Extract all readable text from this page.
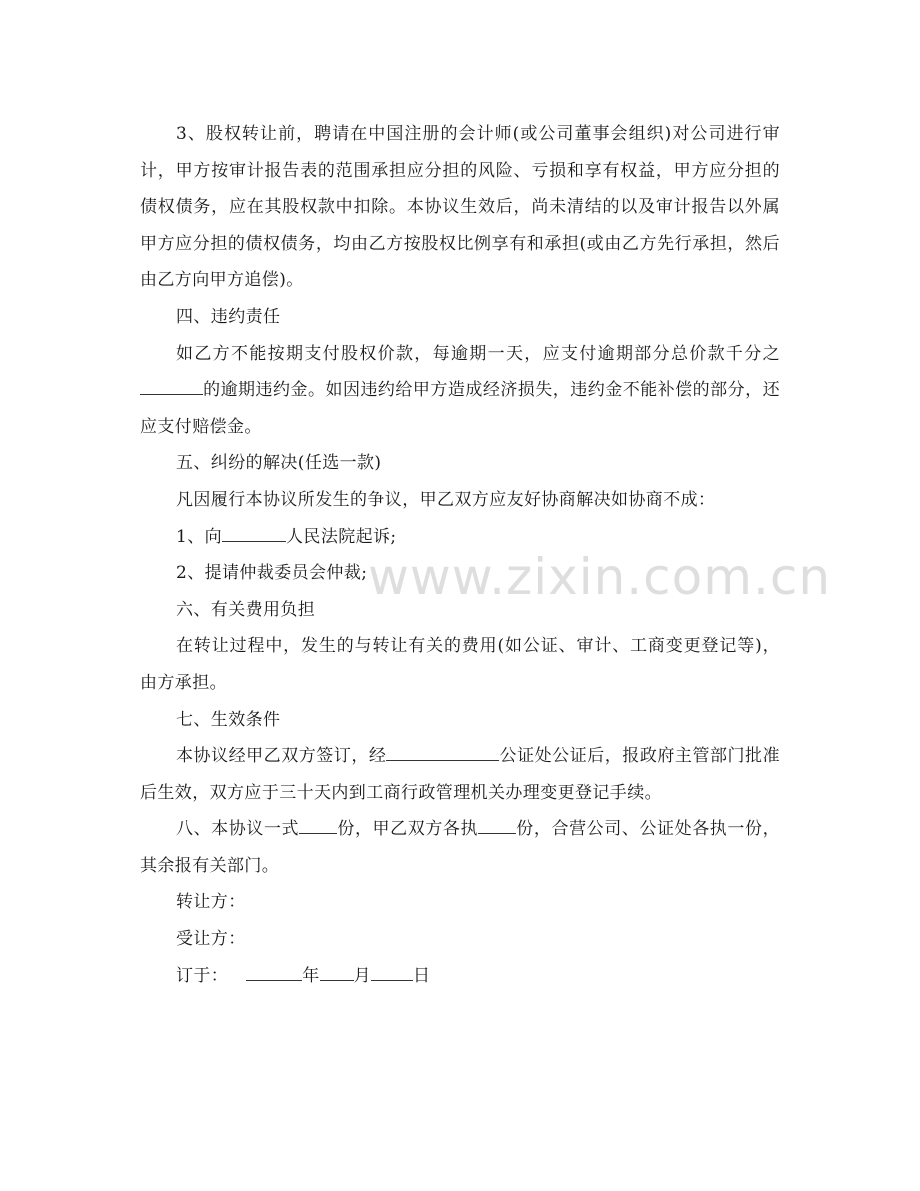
www.zixin.com.cn

3、股权转让前，聘请在中国注册的会计师(或公司董事会组织)对公司进行审计，甲方按审计报告表的范围承担应分担的风险、亏损和享有权益，甲方应分担的债权债务，应在其股权款中扣除。本协议生效后，尚未清结的以及审计报告以外属甲方应分担的债权债务，均由乙方按股权比例享有和承担(或由乙方先行承担，然后由乙方向甲方追偿)。

四、违约责任

如乙方不能按期支付股权价款，每逾期一天，应支付逾期部分总价款千分之的逾期违约金。如因违约给甲方造成经济损失，违约金不能补偿的部分，还应支付赔偿金。

五、纠纷的解决(任选一款)

凡因履行本协议所发生的争议，甲乙双方应友好协商解决如协商不成：

1、向	人民法院起诉;

2、提请仲裁委员会仲裁;

六、有关费用负担

在转让过程中，发生的与转让有关的费用(如公证、审计、工商变更登记等)，由方承担。

七、生效条件

本协议经甲乙双方签订，经	公证处公证后，报政府主管部门批准后生效，双方应于三十天内到工商行政管理机关办理变更登记手续。

八、本协议一式 份，甲乙双方各执 份，合营公司、公证处各执一份，其余报有关部门。

转让方：

受让方：

订于：	年 月 日
